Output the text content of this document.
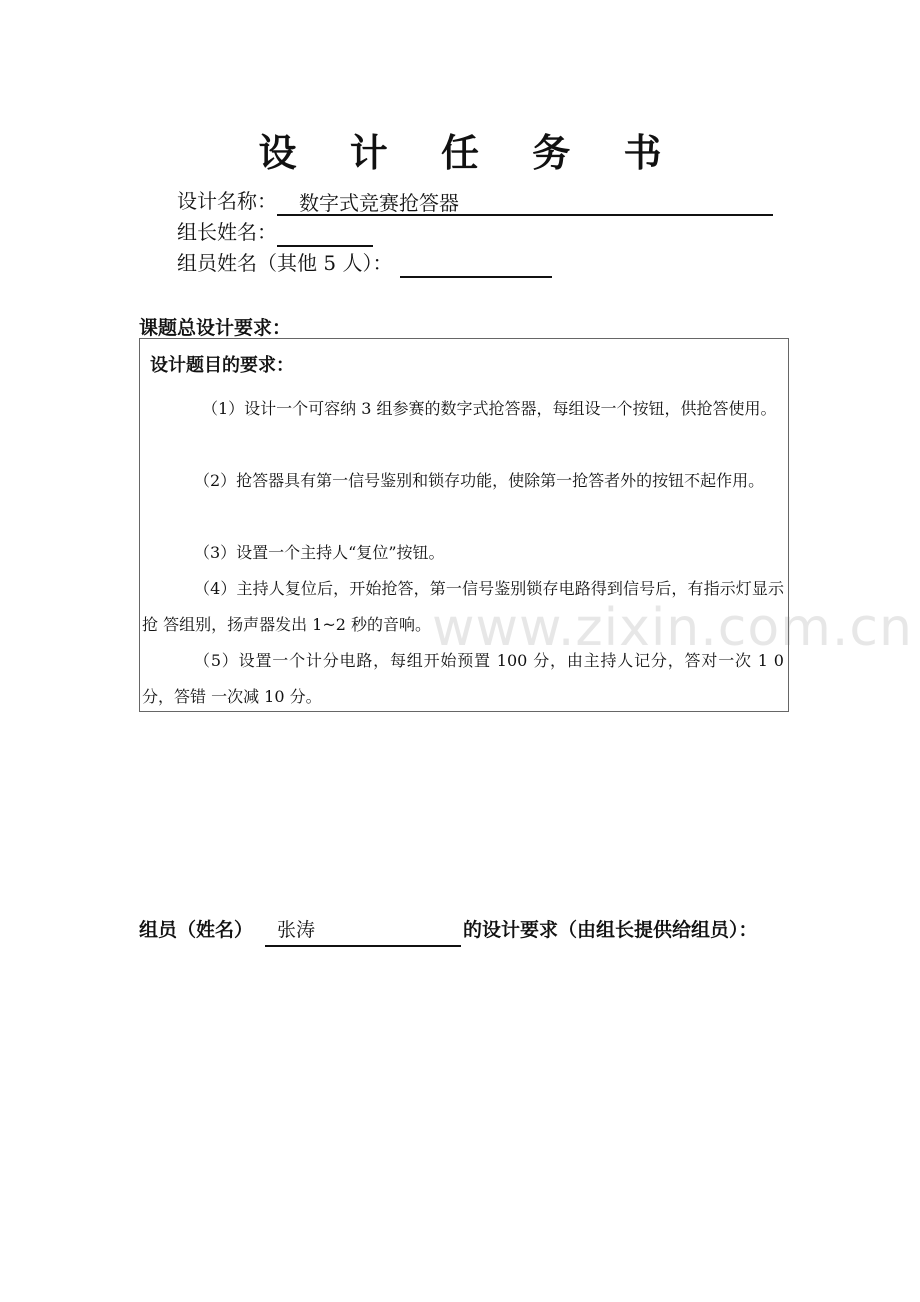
设 计 任 务 书
设计名称： 数字式竞赛抢答器
组长姓名：
组员姓名（其他 5 人）：
课题总设计要求：
设计题目的要求：
（1）设计一个可容纳 3 组参赛的数字式抢答器，每组设一个按钮，供抢答使用。
（2）抢答器具有第一信号鉴别和锁存功能，使除第一抢答者外的按钮不起作用。
（3）设置一个主持人“复位”按钮。
（4）主持人复位后，开始抢答，第一信号鉴别锁存电路得到信号后，有指示灯显示抢 答组别，扬声器发出 1~2 秒的音响。
（5）设置一个计分电路，每组开始预置 100 分，由主持人记分，答对一次 1 0 分，答错 一次减 10 分。
www.zixin.com.cn
组员（姓名） 张涛	的设计要求（由组长提供给组员）：
